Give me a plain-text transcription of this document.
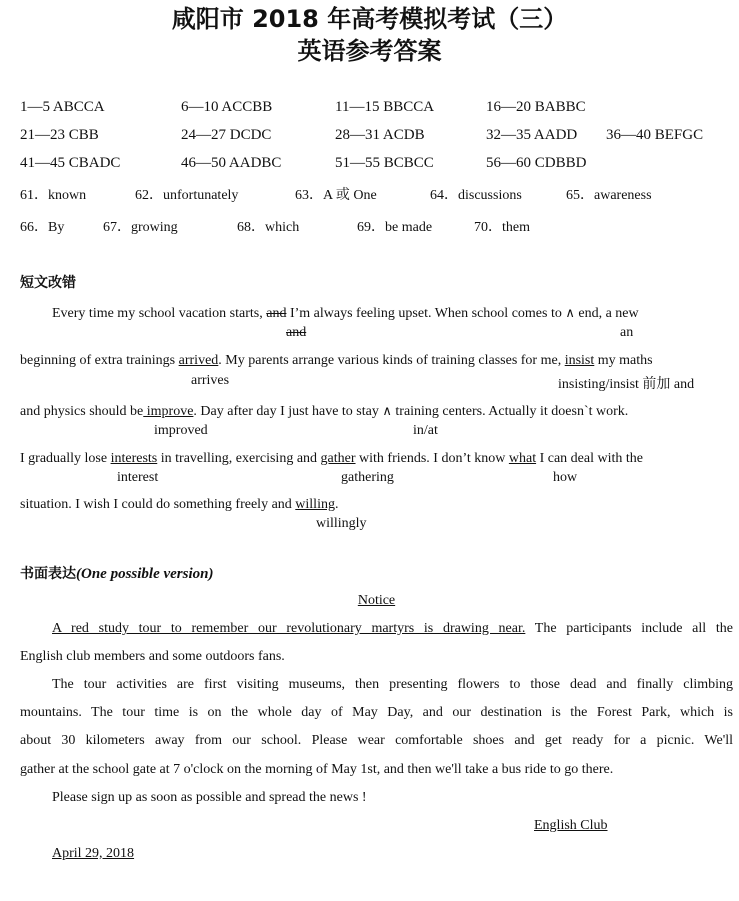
咸阳市 2018 年高考模拟考试（三）
英语参考答案
1—5 ABCCA	6—10 ACCBB	11—15 BBCCA	16—20 BABBC
21—23 CBB	24—27 DCDC	28—31 ACDB	32—35 AADD 36—40 BEFGC
41—45 CBADC	46—50 AADBC	51—55 BCBCC	56—60 CDBBD
61．known	62．unfortunately	63．A 或 One	64．discussions	65．awareness
66．By	67．growing	68．which	69．be made	70．them
短文改错
Every time my school vacation starts, and I’m always feeling upset. When school comes to ∧ end, a new
and	an
beginning of extra trainings arrived. My parents arrange various kinds of training classes for me, insist my maths
arrives	insisting/insist 前加 and
and physics should be improve. Day after day I just have to stay ∧ training centers. Actually it doesn`t work.
improved	in/at
I gradually lose interests in travelling, exercising and gather with friends. I don’t know what I can deal with the
interest	gathering	how
situation. I wish I could do something freely and willing.
willingly
书面表达(One possible version)
Notice
A red study tour to remember our revolutionary martyrs is drawing near. The participants include all the
English club members and some outdoors fans.
The tour activities are first visiting museums, then presenting flowers to those dead and finally climbing
mountains. The tour time is on the whole day of May Day, and our destination is the Forest Park, which is
about 30 kilometers away from our school. Please wear comfortable shoes and get ready for a picnic. We'll
gather at the school gate at 7 o'clock on the morning of May 1st, and then we'll take a bus ride to go there.
Please sign up as soon as possible and spread the news !
English Club
April 29, 2018
